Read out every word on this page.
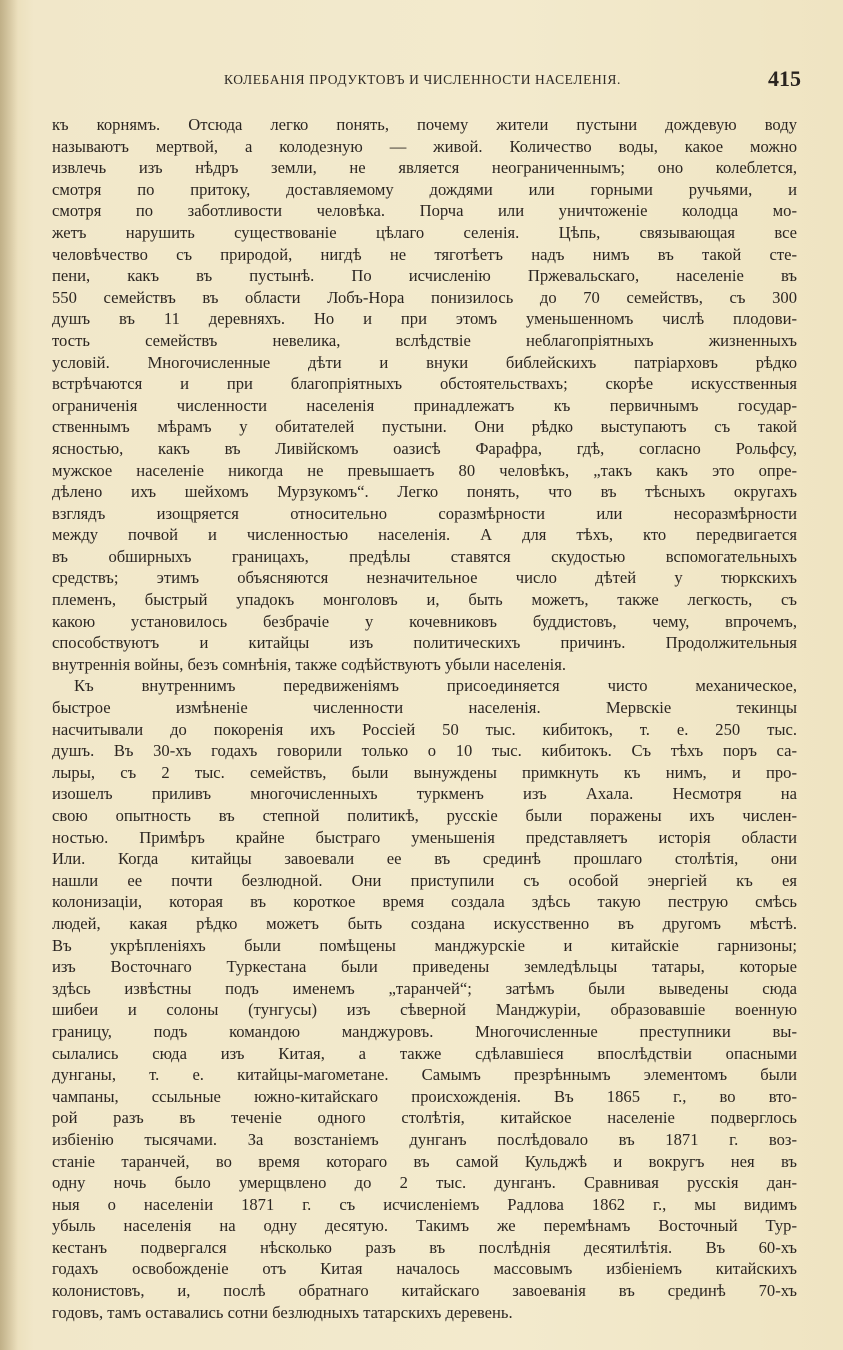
КОЛЕБАНІЯ ПРОДУКТОВЪ И ЧИСЛЕННОСТИ НАСЕЛЕНІЯ.	415
къ корнямъ. Отсюда легко понять, почему жители пустыни дождевую воду
называютъ мертвой, а колодезную — живой. Количество воды, какое можно
извлечь изъ нѣдръ земли, не является неограниченнымъ; оно колеблется,
смотря по притоку, доставляемому дождями или горными ручьями, и
смотря по заботливости человѣка. Порча или уничтоженіе колодца мо-
жетъ нарушить существованіе цѣлаго селенія. Цѣпь, связывающая все
человѣчество съ природой, нигдѣ не тяготѣетъ надъ нимъ въ такой сте-
пени, какъ въ пустынѣ. По исчисленію Пржевальскаго, населеніе въ
550 семействъ въ области Лобъ-Нора понизилось до 70 семействъ, съ 300
душъ въ 11 деревняхъ. Но и при этомъ уменьшенномъ числѣ плодови-
тость семействъ невелика, вслѣдствіе неблагопріятныхъ жизненныхъ
условій. Многочисленные дѣти и внуки библейскихъ патріарховъ рѣдко
встрѣчаются и при благопріятныхъ обстоятельствахъ; скорѣе искусственныя
ограниченія численности населенія принадлежатъ къ первичнымъ государ-
ственнымъ мѣрамъ у обитателей пустыни. Они рѣдко выступаютъ съ такой
ясностью, какъ въ Ливійскомъ оазисѣ Фарафра, гдѣ, согласно Рольфсу,
мужское населеніе никогда не превышаетъ 80 человѣкъ, „такъ какъ это опре-
дѣлено ихъ шейхомъ Мурзукомъ“. Легко понять, что въ тѣсныхъ округахъ
взглядъ изощряется относительно соразмѣрности или несоразмѣрности
между почвой и численностью населенія. А для тѣхъ, кто передвигается
въ обширныхъ границахъ, предѣлы ставятся скудостью вспомогательныхъ
средствъ; этимъ объясняются незначительное число дѣтей у тюркскихъ
племенъ, быстрый упадокъ монголовъ и, быть можетъ, также легкость, съ
какою установилось безбрачіе у кочевниковъ буддистовъ, чему, впрочемъ,
способствуютъ и китайцы изъ политическихъ причинъ. Продолжительныя
внутреннія войны, безъ сомнѣнія, также содѣйствуютъ убыли населенія.
Къ внутреннимъ передвиженіямъ присоединяется чисто механическое,
быстрое измѣненіе численности населенія. Мервскіе текинцы
насчитывали до покоренія ихъ Россіей 50 тыс. кибитокъ, т. е. 250 тыс.
душъ. Въ 30-хъ годахъ говорили только о 10 тыс. кибитокъ. Съ тѣхъ поръ са-
лыры, съ 2 тыс. семействъ, были вынуждены примкнуть къ нимъ, и про-
изошелъ приливъ многочисленныхъ туркменъ изъ Ахала. Несмотря на
свою опытность въ степной политикѣ, русскіе были поражены ихъ числен-
ностью. Примѣръ крайне быстраго уменьшенія представляетъ исторія области
Или. Когда китайцы завоевали ее въ срединѣ прошлаго столѣтія, они
нашли ее почти безлюдной. Они приступили съ особой энергіей къ ея
колонизаціи, которая въ короткое время создала здѣсь такую пеструю смѣсь
людей, какая рѣдко можетъ быть создана искусственно въ другомъ мѣстѣ.
Въ укрѣпленіяхъ были помѣщены манджурскіе и китайскіе гарнизоны;
изъ Восточнаго Туркестана были приведены земледѣльцы татары, которые
здѣсь извѣстны подъ именемъ „таранчей“; затѣмъ были выведены сюда
шибеи и солоны (тунгусы) изъ сѣверной Манджуріи, образовавшіе военную
границу, подъ командою манджуровъ. Многочисленные преступники вы-
сылались сюда изъ Китая, а также сдѣлавшіеся впослѣдствіи опасными
дунганы, т. е. китайцы-магометане. Самымъ презрѣннымъ элементомъ были
чампаны, ссыльные южно-китайскаго происхожденія. Въ 1865 г., во вто-
рой разъ въ теченіе одного столѣтія, китайское населеніе подверглось
избіенію тысячами. За возстаніемъ дунганъ послѣдовало въ 1871 г. воз-
станіе таранчей, во время котораго въ самой Кульджѣ и вокругъ нея въ
одну ночь было умерщвлено до 2 тыс. дунганъ. Сравнивая русскія дан-
ныя о населеніи 1871 г. съ исчисленіемъ Радлова 1862 г., мы видимъ
убыль населенія на одну десятую. Такимъ же перемѣнамъ Восточный Тур-
кестанъ подвергался нѣсколько разъ въ послѣднія десятилѣтія. Въ 60-хъ
годахъ освобожденіе отъ Китая началось массовымъ избіеніемъ китайскихъ
колонистовъ, и, послѣ обратнаго китайскаго завоеванія въ срединѣ 70-хъ
годовъ, тамъ оставались сотни безлюдныхъ татарскихъ деревень.
